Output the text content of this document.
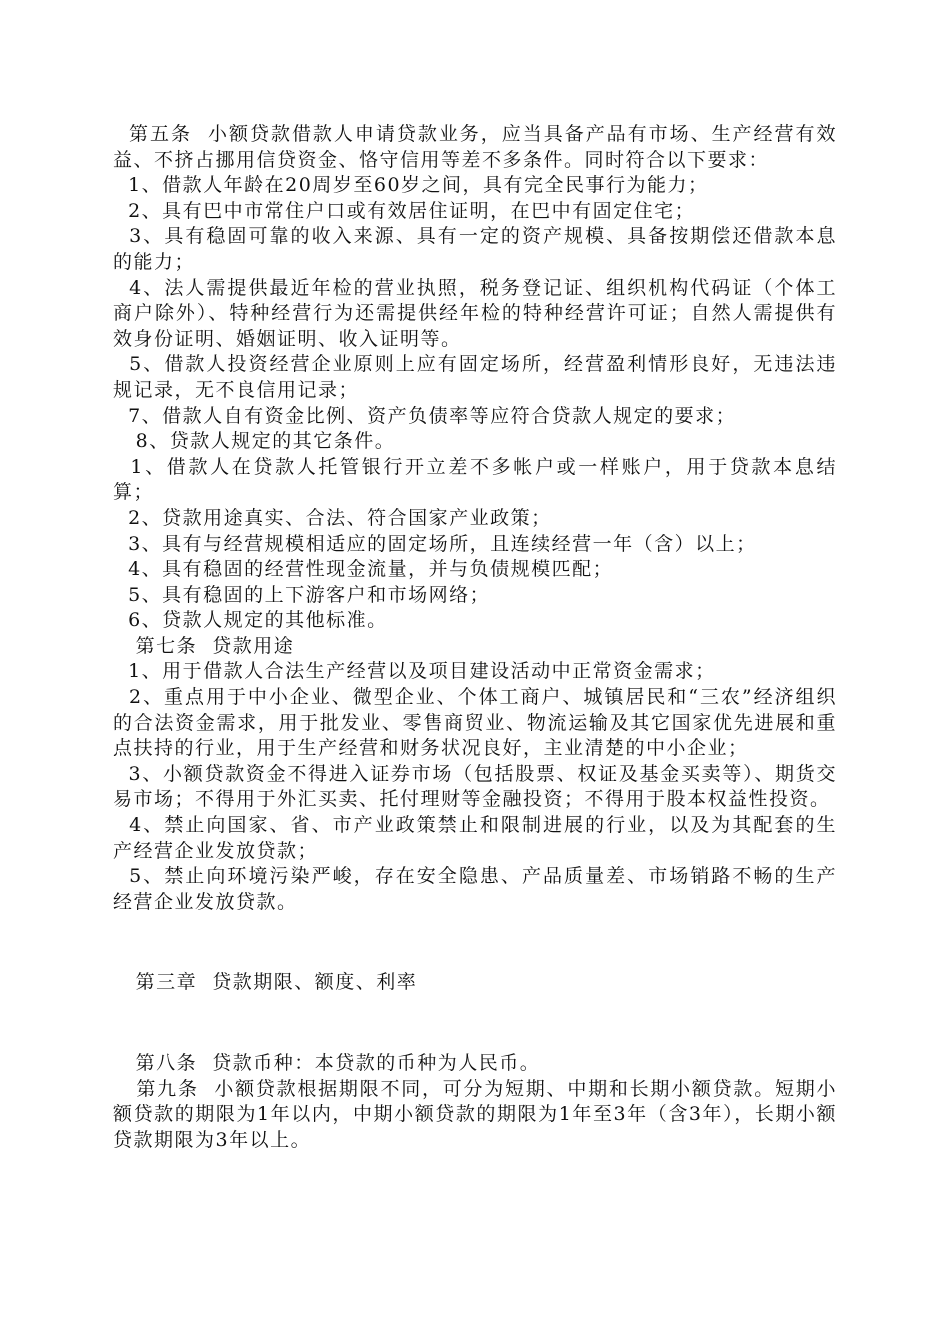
第五条  小额贷款借款人申请贷款业务，应当具备产品有市场、生产经营有效益、不挤占挪用信贷资金、恪守信用等差不多条件。同时符合以下要求：

1、借款人年龄在20周岁至60岁之间，具有完全民事行为能力；

2、具有巴中市常住户口或有效居住证明，在巴中有固定住宅；

3、具有稳固可靠的收入来源、具有一定的资产规模、具备按期偿还借款本息的能力；

4、法人需提供最近年检的营业执照，税务登记证、组织机构代码证（个体工商户除外）、特种经营行为还需提供经年检的特种经营许可证；自然人需提供有效身份证明、婚姻证明、收入证明等。

5、借款人投资经营企业原则上应有固定场所，经营盈利情形良好，无违法违规记录，无不良信用记录；

7、借款人自有资金比例、资产负债率等应符合贷款人规定的要求；

8、贷款人规定的其它条件。

1、借款人在贷款人托管银行开立差不多帐户或一样账户，用于贷款本息结算；

2、贷款用途真实、合法、符合国家产业政策；

3、具有与经营规模相适应的固定场所，且连续经营一年（含）以上；

4、具有稳固的经营性现金流量，并与负债规模匹配；

5、具有稳固的上下游客户和市场网络；

6、贷款人规定的其他标准。

第七条  贷款用途

1、用于借款人合法生产经营以及项目建设活动中正常资金需求；

2、重点用于中小企业、微型企业、个体工商户、城镇居民和“三农”经济组织的合法资金需求，用于批发业、零售商贸业、物流运输及其它国家优先进展和重点扶持的行业，用于生产经营和财务状况良好，主业清楚的中小企业；

3、小额贷款资金不得进入证券市场（包括股票、权证及基金买卖等）、期货交易市场；不得用于外汇买卖、托付理财等金融投资；不得用于股本权益性投资。

4、禁止向国家、省、市产业政策禁止和限制进展的行业，以及为其配套的生产经营企业发放贷款；

5、禁止向环境污染严峻，存在安全隐患、产品质量差、市场销路不畅的生产经营企业发放贷款。

第三章  贷款期限、额度、利率

第八条  贷款币种：本贷款的币种为人民币。

第九条  小额贷款根据期限不同，可分为短期、中期和长期小额贷款。短期小额贷款的期限为1年以内，中期小额贷款的期限为1年至3年（含3年），长期小额贷款期限为3年以上。
